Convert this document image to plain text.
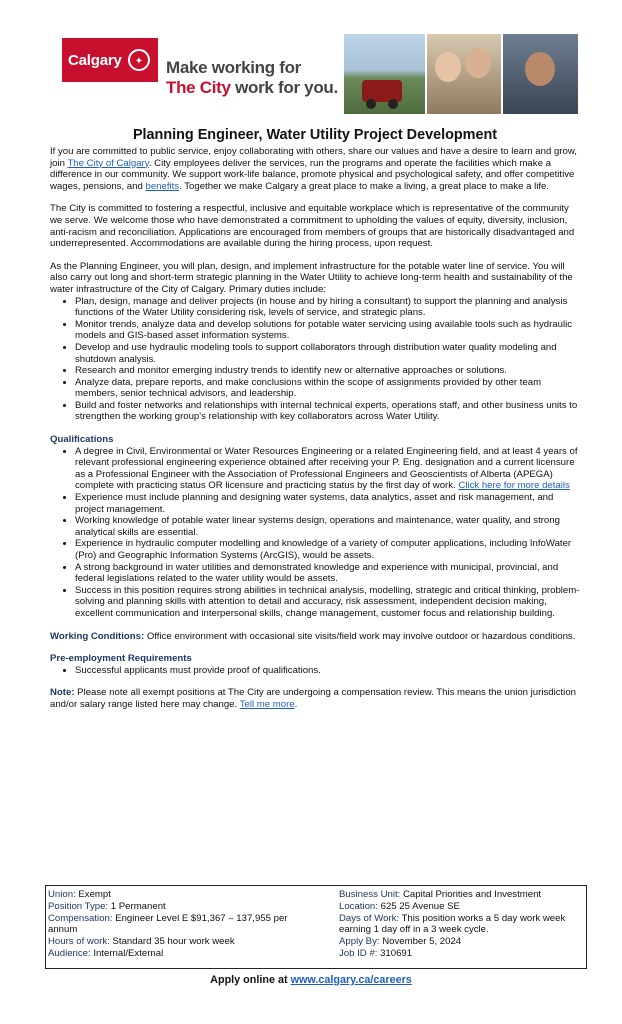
Calgary	✦	Make working for
The City work for you.
Planning Engineer, Water Utility Project Development

If you are committed to public service, enjoy collaborating with others, share our values and have a desire to learn and grow, join The City of Calgary. City employees deliver the services, run the programs and operate the facilities which make a difference in our community. We support work-life balance, promote physical and psychological safety, and offer competitive wages, pensions, and benefits. Together we make Calgary a great place to make a living, a great place to make a life.

The City is committed to fostering a respectful, inclusive and equitable workplace which is representative of the community we serve. We welcome those who have demonstrated a commitment to upholding the values of equity, diversity, inclusion, anti-racism and reconciliation. Applications are encouraged from members of groups that are historically disadvantaged and underrepresented. Accommodations are available during the hiring process, upon request.

As the Planning Engineer, you will plan, design, and implement infrastructure for the potable water line of service. You will also carry out long and short-term strategic planning in the Water Utility to achieve long-term health and sustainability of the water infrastructure of the City of Calgary. Primary duties include:

• Plan, design, manage and deliver projects (in house and by hiring a consultant) to support the planning and analysis functions of the Water Utility considering risk, levels of service, and strategic plans.
• Monitor trends, analyze data and develop solutions for potable water servicing using available tools such as hydraulic models and GIS-based asset information systems.
• Develop and use hydraulic modeling tools to support collaborators through distribution water quality modeling and shutdown analysis.
• Research and monitor emerging industry trends to identify new or alternative approaches or solutions.
• Analyze data, prepare reports, and make conclusions within the scope of assignments provided by other team members, senior technical advisors, and leadership.
• Build and foster networks and relationships with internal technical experts, operations staff, and other business units to strengthen the working group's relationship with key collaborators across Water Utility.
Qualifications
• A degree in Civil, Environmental or Water Resources Engineering or a related Engineering field, and at least 4 years of relevant professional engineering experience obtained after receiving your P. Eng. designation and a current licensure as a Professional Engineer with the Association of Professional Engineers and Geoscientists of Alberta (APEGA) complete with practicing status OR licensure and practicing status by the first day of work. Click here for more details
• Experience must include planning and designing water systems, data analytics, asset and risk management, and project management.
• Working knowledge of potable water linear systems design, operations and maintenance, water quality, and strong analytical skills are essential.
• Experience in hydraulic computer modelling and knowledge of a variety of computer applications, including InfoWater (Pro) and Geographic Information Systems (ArcGIS), would be assets.
• A strong background in water utilities and demonstrated knowledge and experience with municipal, provincial, and federal legislations related to the water utility would be assets.
• Success in this position requires strong abilities in technical analysis, modelling, strategic and critical thinking, problem-solving and planning skills with attention to detail and accuracy, risk assessment, independent decision making, excellent communication and interpersonal skills, change management, customer focus and relationship building.

Working Conditions: Office environment with occasional site visits/field work may involve outdoor or hazardous conditions.

Pre-employment Requirements
• Successful applicants must provide proof of qualifications.

Note: Please note all exempt positions at The City are undergoing a compensation review. This means the union jurisdiction and/or salary range listed here may change. Tell me more.

Union: Exempt
Position Type: 1 Permanent
Compensation: Engineer Level E $91,367 – 137,955 per annum
Hours of work: Standard 35 hour work week
Audience: Internal/External
Business Unit: Capital Priorities and Investment
Location: 625 25 Avenue SE
Days of Work: This position works a 5 day work week earning 1 day off in a 3 week cycle.
Apply By: November 5, 2024
Job ID #: 310691
Apply online at www.calgary.ca/careers
